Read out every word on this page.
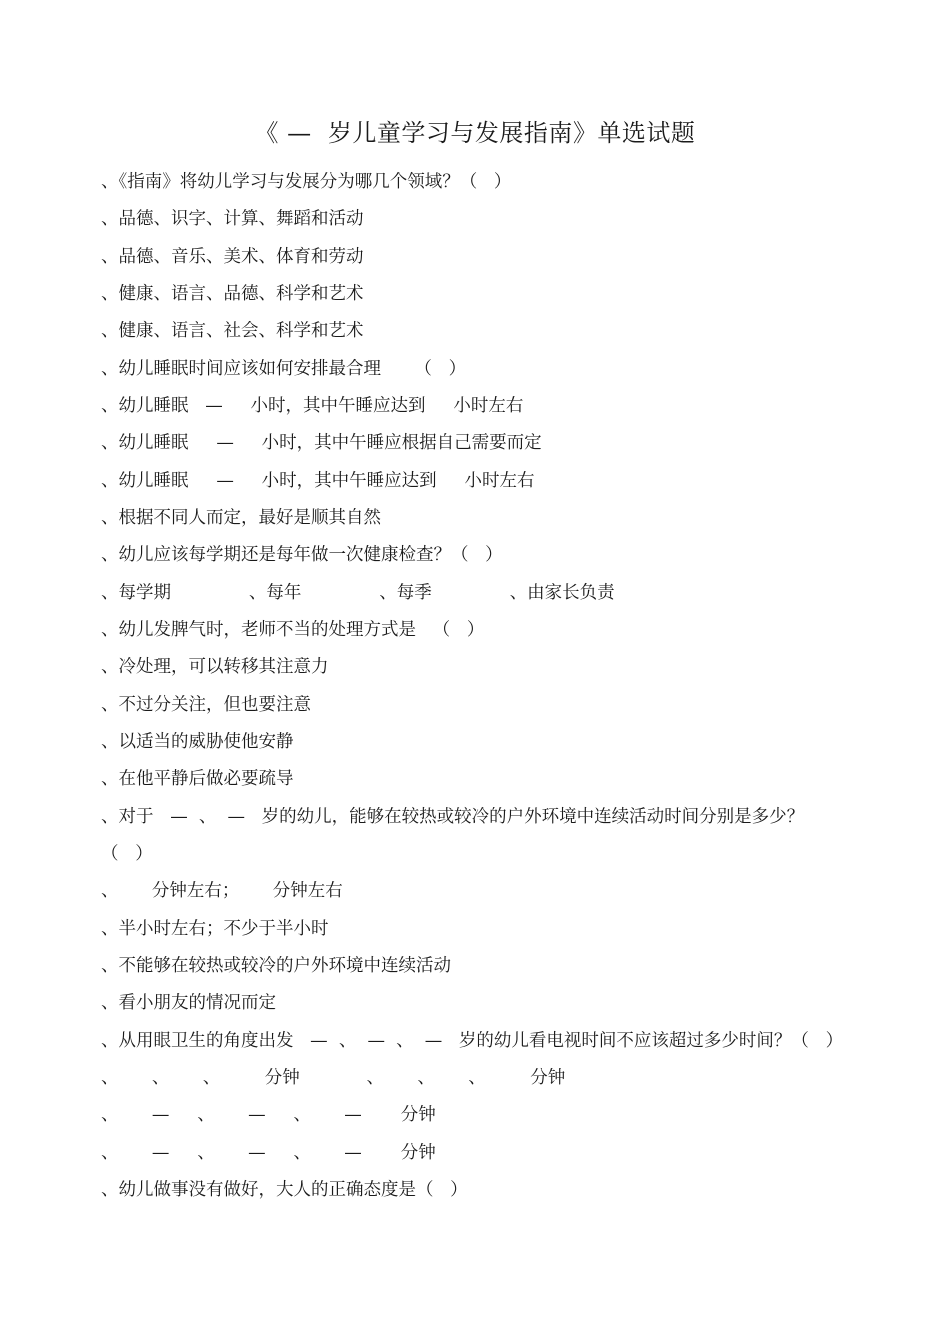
《 —  岁儿童学习与发展指南》单选试题
、《指南》将幼儿学习与发展分为哪几个领域？（   ）
、品德、识字、计算、舞蹈和活动
、品德、音乐、美术、体育和劳动
、健康、语言、品德、科学和艺术
、健康、语言、社会、科学和艺术
、幼儿睡眠时间应该如何安排最合理      （   ）
、幼儿睡眠   —     小时，其中午睡应达到     小时左右
、幼儿睡眠     —     小时，其中午睡应根据自己需要而定
、幼儿睡眠     —     小时，其中午睡应达到     小时左右
、根据不同人而定，最好是顺其自然
、幼儿应该每学期还是每年做一次健康检查？（   ）
、每学期              、每年              、每季              、由家长负责
、幼儿发脾气时，老师不当的处理方式是   （   ）
、冷处理，可以转移其注意力
、不过分关注，但也要注意
、以适当的威胁使他安静
、在他平静后做必要疏导
、对于   —  、  —   岁的幼儿，能够在较热或较冷的户外环境中连续活动时间分别是多少？
（   ）
、      分钟左右；      分钟左右
、半小时左右；不少于半小时
、不能够在较热或较冷的户外环境中连续活动
、看小朋友的情况而定
、从用眼卫生的角度出发   —  、  —  、  —   岁的幼儿看电视时间不应该超过多少时间？（   ）
、      、      、        分钟            、      、      、        分钟
、      —     、      —     、      —       分钟
、      —     、      —     、      —       分钟
、幼儿做事没有做好，大人的正确态度是（   ）
